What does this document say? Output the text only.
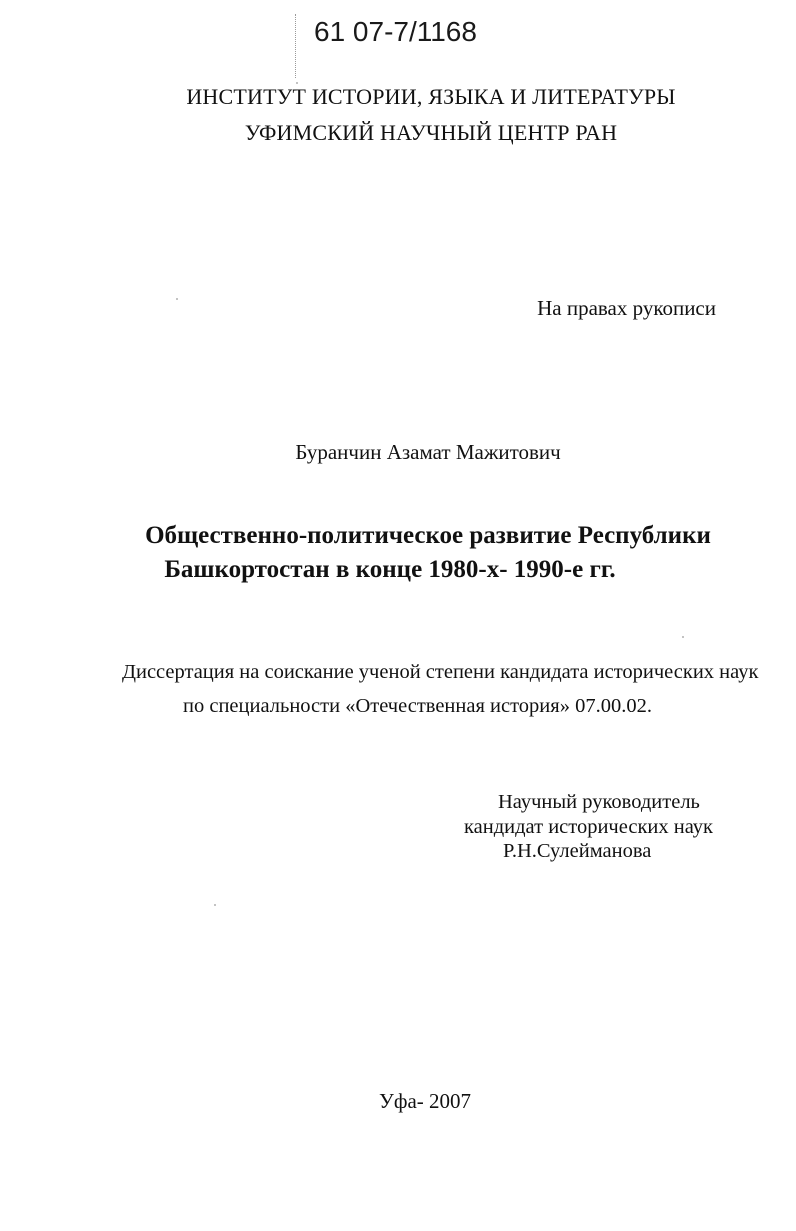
61 07-7/1168
ИНСТИТУТ ИСТОРИИ, ЯЗЫКА И ЛИТЕРАТУРЫ
УФИМСКИЙ НАУЧНЫЙ ЦЕНТР РАН
На правах рукописи
Буранчин Азамат Мажитович
Общественно-политическое развитие Республики
Башкортостан в конце 1980-х- 1990-е гг.
Диссертация на соискание ученой степени кандидата исторических наук
по специальности «Отечественная история» 07.00.02.
Научный руководитель
кандидат исторических наук
Р.Н.Сулейманова
Уфа- 2007
